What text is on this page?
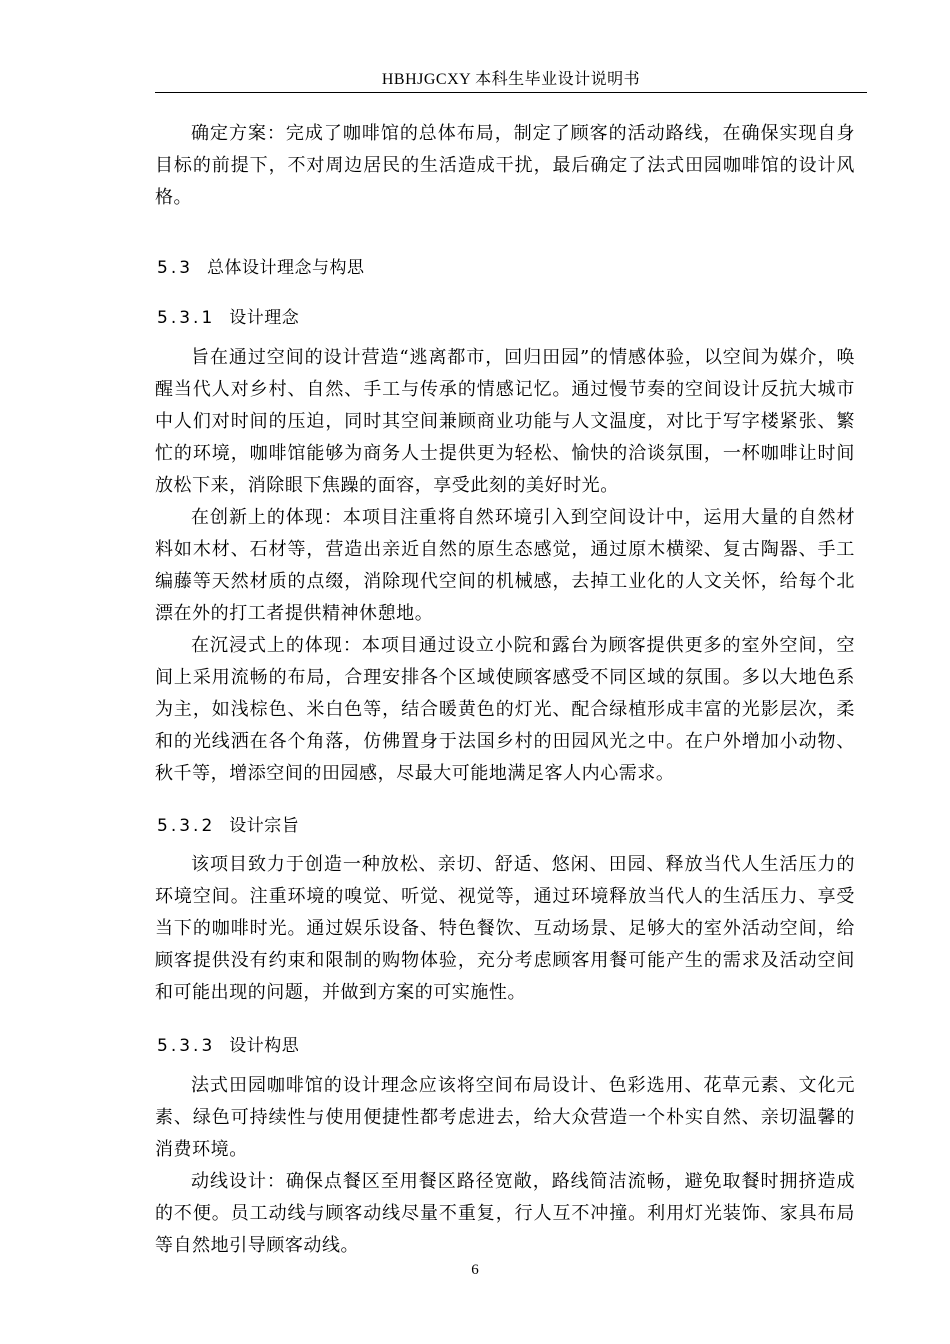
HBHJGCXY 本科生毕业设计说明书

确定方案：完成了咖啡馆的总体布局，制定了顾客的活动路线，在确保实现自身目标的前提下，不对周边居民的生活造成干扰，最后确定了法式田园咖啡馆的设计风格。

5.3 总体设计理念与构思
5.3.1 设计理念

旨在通过空间的设计营造“逃离都市，回归田园”的情感体验，以空间为媒介，唤醒当代人对乡村、自然、手工与传承的情感记忆。通过慢节奏的空间设计反抗大城市中人们对时间的压迫，同时其空间兼顾商业功能与人文温度，对比于写字楼紧张、繁忙的环境，咖啡馆能够为商务人士提供更为轻松、愉快的洽谈氛围，一杯咖啡让时间放松下来，消除眼下焦躁的面容，享受此刻的美好时光。

在创新上的体现：本项目注重将自然环境引入到空间设计中，运用大量的自然材料如木材、石材等，营造出亲近自然的原生态感觉，通过原木横梁、复古陶器、手工编藤等天然材质的点缀，消除现代空间的机械感，去掉工业化的人文关怀，给每个北漂在外的打工者提供精神休憩地。

在沉浸式上的体现：本项目通过设立小院和露台为顾客提供更多的室外空间，空间上采用流畅的布局，合理安排各个区域使顾客感受不同区域的氛围。多以大地色系为主，如浅棕色、米白色等，结合暖黄色的灯光、配合绿植形成丰富的光影层次，柔和的光线洒在各个角落，仿佛置身于法国乡村的田园风光之中。在户外增加小动物、秋千等，增添空间的田园感，尽最大可能地满足客人内心需求。

5.3.2 设计宗旨

该项目致力于创造一种放松、亲切、舒适、悠闲、田园、释放当代人生活压力的环境空间。注重环境的嗅觉、听觉、视觉等，通过环境释放当代人的生活压力、享受当下的咖啡时光。通过娱乐设备、特色餐饮、互动场景、足够大的室外活动空间，给顾客提供没有约束和限制的购物体验，充分考虑顾客用餐可能产生的需求及活动空间和可能出现的问题，并做到方案的可实施性。

5.3.3 设计构思

法式田园咖啡馆的设计理念应该将空间布局设计、色彩选用、花草元素、文化元素、绿色可持续性与使用便捷性都考虑进去，给大众营造一个朴实自然、亲切温馨的消费环境。

动线设计：确保点餐区至用餐区路径宽敞，路线简洁流畅，避免取餐时拥挤造成的不便。员工动线与顾客动线尽量不重复，行人互不冲撞。利用灯光装饰、家具布局等自然地引导顾客动线。

6
